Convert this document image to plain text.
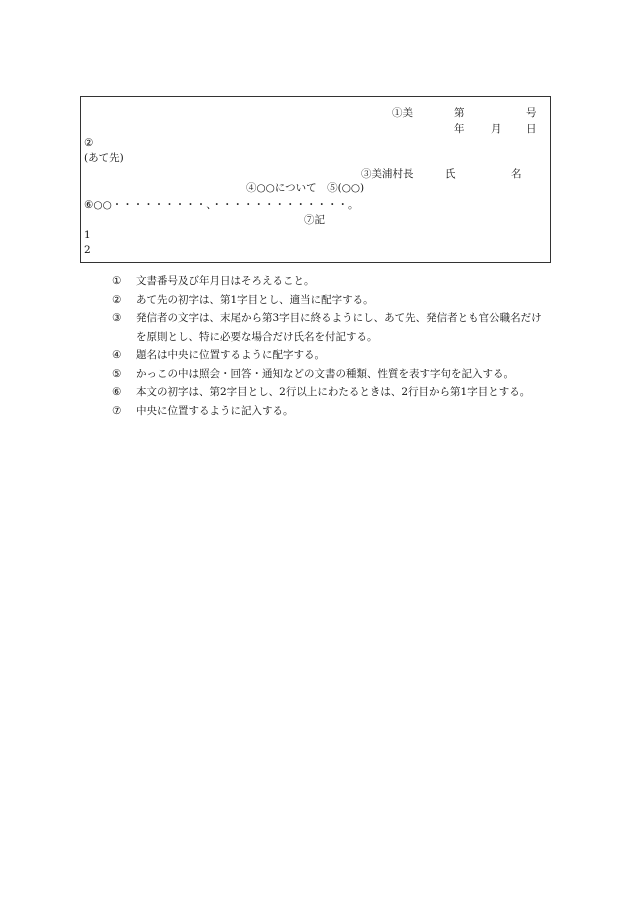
①美	第	号
年	月 日
②
(あて先)
③美浦村長	氏	名
④○○について　⑤(○○)
⑥○○・・・・・・・・・、・・・・・・・・・・・・・。
⑦記
1
2
①	文書番号及び年月日はそろえること。
②	あて先の初字は、第1字目とし、適当に配字する。
③	発信者の文字は、末尾から第3字目に終るようにし、あて先、発信者とも官公職名だけを原則とし、特に必要な場合だけ氏名を付記する。
④	題名は中央に位置するように配字する。
⑤	かっこの中は照会・回答・通知などの文書の種類、性質を表す字句を記入する。
⑥	本文の初字は、第2字目とし、2行以上にわたるときは、2行目から第1字目とする。
⑦	中央に位置するように記入する。
